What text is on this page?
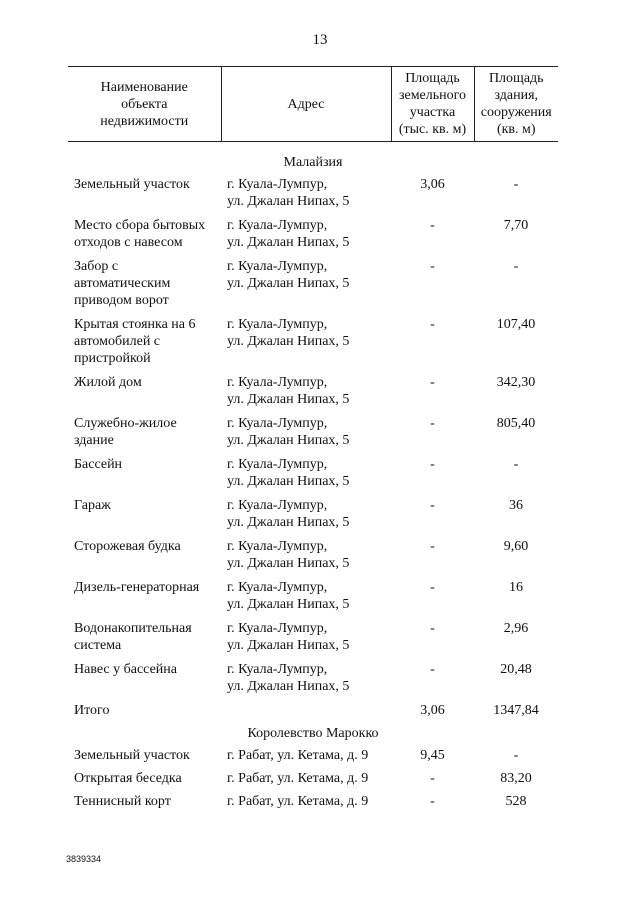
13
Наименование
объекта
недвижимости	Адрес	Площадь
земельного
участка
(тыс. кв. м)	Площадь
здания,
сооружения
(кв. м)

Малайзия			
Земельный участок	г. Куала-Лумпур,
ул. Джалан Нипах, 5	3,06	-
Место сбора бытовых
отходов с навесом	г. Куала-Лумпур,
ул. Джалан Нипах, 5	-	7,70
Забор с
автоматическим
приводом ворот	г. Куала-Лумпур,
ул. Джалан Нипах, 5	-	-
Крытая стоянка на 6
автомобилей с
пристройкой	г. Куала-Лумпур,
ул. Джалан Нипах, 5	-	107,40
Жилой дом	г. Куала-Лумпур,
ул. Джалан Нипах, 5	-	342,30
Служебно-жилое
здание	г. Куала-Лумпур,
ул. Джалан Нипах, 5	-	805,40
Бассейн	г. Куала-Лумпур,
ул. Джалан Нипах, 5	-	-
Гараж	г. Куала-Лумпур,
ул. Джалан Нипах, 5	-	36
Сторожевая будка	г. Куала-Лумпур,
ул. Джалан Нипах, 5	-	9,60
Дизель-генераторная	г. Куала-Лумпур,
ул. Джалан Нипах, 5	-	16
Водонакопительная
система	г. Куала-Лумпур,
ул. Джалан Нипах, 5	-	2,96
Навес у бассейна	г. Куала-Лумпур,
ул. Джалан Нипах, 5	-	20,48
Итого		3,06	1347,84
Королевство Марокко			
Земельный участок	г. Рабат, ул. Кетама, д. 9	9,45	-
Открытая беседка	г. Рабат, ул. Кетама, д. 9	-	83,20
Теннисный корт	г. Рабат, ул. Кетама, д. 9	-	528
3839334
